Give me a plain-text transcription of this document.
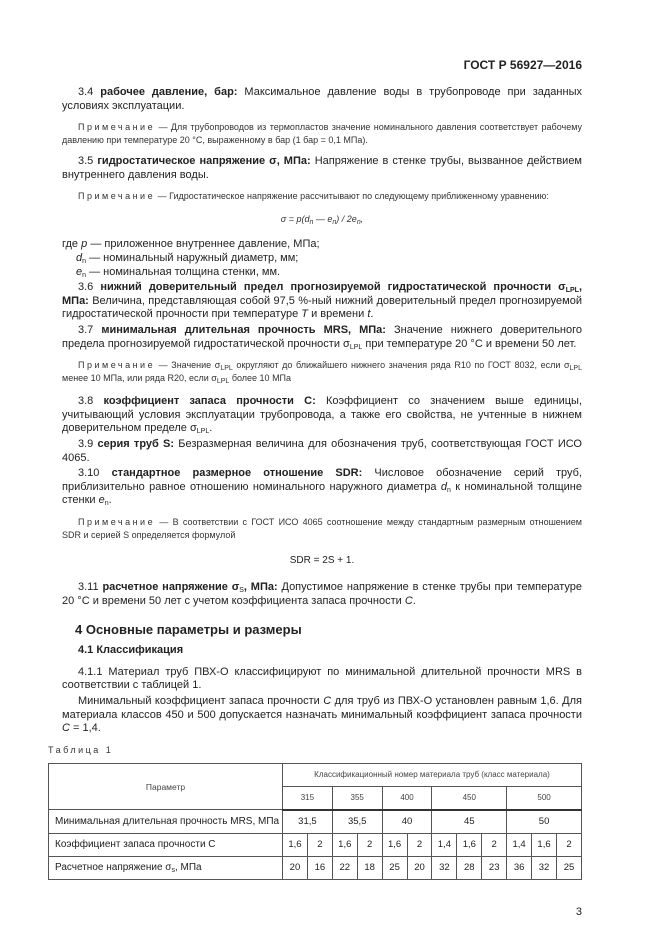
ГОСТ Р 56927—2016
3.4 рабочее давление, бар: Максимальное давление воды в трубопроводе при заданных условиях эксплуатации.
Примечание — Для трубопроводов из термопластов значение номинального давления соответствует рабочему давлению при температуре 20 °С, выраженному в бар (1 бар = 0,1 МПа).
3.5 гидростатическое напряжение σ, МПа: Напряжение в стенке трубы, вызванное действием внутреннего давления воды.
Примечание — Гидростатическое напряжение рассчитывают по следующему приближенному уравнению:
$\sigma = p(d_n$ — $e_n) / 2e_n$,
где p — приложенное внутреннее давление, МПа;
$d_n$ — номинальный наружный диаметр, мм;
$e_n$ — номинальная толщина стенки, мм.
3.6 нижний доверительный предел прогнозируемой гидростатической прочности $\sigma_{LPL}$, МПа: Величина, представляющая собой 97,5 %-ный нижний доверительный предел прогнозируемой гидростатической прочности при температуре T и времени t.
3.7 минимальная длительная прочность MRS, МПа: Значение нижнего доверительного предела прогнозируемой гидростатической прочности $\sigma_{LPL}$ при температуре 20 °С и времени 50 лет.
Примечание — Значение $\sigma_{LPL}$ округляют до ближайшего нижнего значения ряда R10 по ГОСТ 8032, если $\sigma_{LPL}$ менее 10 МПа, или ряда R20, если $\sigma_{LPL}$ более 10 МПа
3.8 коэффициент запаса прочности C: Коэффициент со значением выше единицы, учитывающий условия эксплуатации трубопровода, а также его свойства, не учтенные в нижнем доверительном пределе $\sigma_{LPL}$.
3.9 серия труб S: Безразмерная величина для обозначения труб, соответствующая ГОСТ ИСО 4065.
3.10 стандартное размерное отношение SDR: Числовое обозначение серий труб, приблизительно равное отношению номинального наружного диаметра $d_n$ к номинальной толщине стенки $e_n$.
Примечание — В соответствии с ГОСТ ИСО 4065 соотношение между стандартным размерным отношением SDR и серией S определяется формулой
SDR = 2S + 1.
3.11 расчетное напряжение $\sigma_S$, МПа: Допустимое напряжение в стенке трубы при температуре 20 °С и времени 50 лет с учетом коэффициента запаса прочности C.
4 Основные параметры и размеры
4.1 Классификация
4.1.1 Материал труб ПВХ-О классифицируют по минимальной длительной прочности MRS в соответствии с таблицей 1.
Минимальный коэффициент запаса прочности C для труб из ПВХ-О установлен равным 1,6. Для материала классов 450 и 500 допускается назначать минимальный коэффициент запаса прочности C = 1,4.
Таблица 1
Параметр	Классификационный номер материала труб (класс материала)											
	315		355		400		450			500		
Минимальная длительная прочность MRS, МПа	31,5		35,5		40		45			50		
Коэффициент запаса прочности C	1,6	2	1,6	2	1,6	2	1,4	1,6	2	1,4	1,6	2
Расчетное напряжение $\sigma_s$, МПа	20	16	22	18	25	20	32	28	23	36	32	25
3
